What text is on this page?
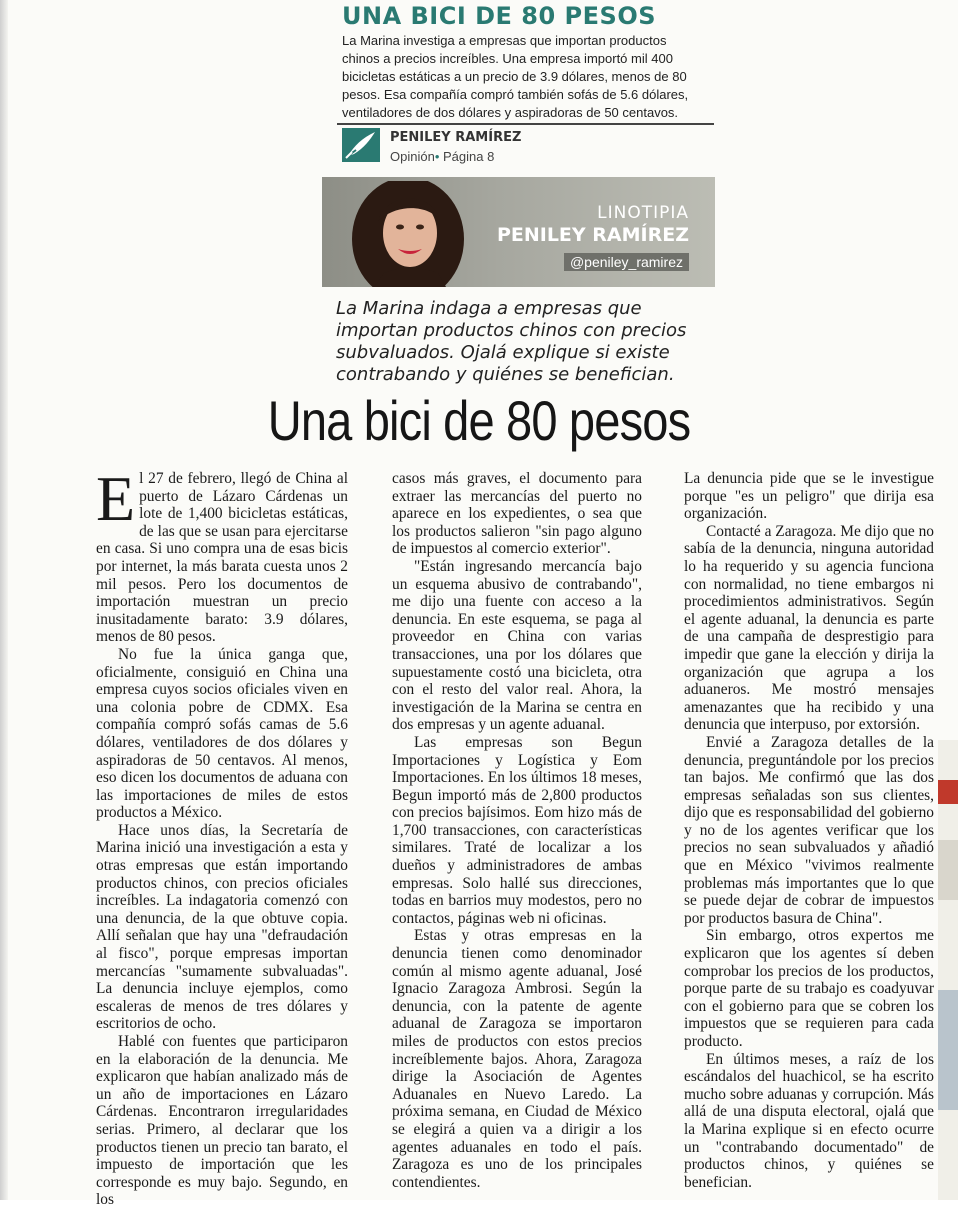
UNA BICI DE 80 PESOS
La Marina investiga a empresas que importan productos chinos a precios increíbles. Una empresa importó mil 400 bicicletas estáticas a un precio de 3.9 dólares, menos de 80 pesos. Esa compañía compró también sofás de 5.6 dólares, ventiladores de dos dólares y aspiradoras de 50 centavos.
PENILEY RAMÍREZ
Opinión• Página 8
LINOTIPIA
PENILEY RAMÍREZ
@peniley_ramirez
La Marina indaga a empresas que importan productos chinos con precios subvaluados. Ojalá explique si existe contrabando y quiénes se benefician.
Una bici de 80 pesos

El 27 de febrero, llegó de China al puerto de Lázaro Cárdenas un lote de 1,400 bicicletas estáticas, de las que se usan para ejercitarse en casa. Si uno compra una de esas bicis por internet, la más barata cuesta unos 2 mil pesos. Pero los documentos de importación muestran un precio inusitadamente barato: 3.9 dólares, menos de 80 pesos.

No fue la única ganga que, oficialmente, consiguió en China una empresa cuyos socios oficiales viven en una colonia pobre de CDMX. Esa compañía compró sofás camas de 5.6 dólares, ventiladores de dos dólares y aspiradoras de 50 centavos. Al menos, eso dicen los documentos de aduana con las importaciones de miles de estos productos a México.

Hace unos días, la Secretaría de Marina inició una investigación a esta y otras empresas que están importando productos chinos, con precios oficiales increíbles. La indagatoria comenzó con una denuncia, de la que obtuve copia. Allí señalan que hay una "defraudación al fisco", porque empresas importan mercancías "sumamente subvaluadas". La denuncia incluye ejemplos, como escaleras de menos de tres dólares y escritorios de ocho.

Hablé con fuentes que participaron en la elaboración de la denuncia. Me explicaron que habían analizado más de un año de importaciones en Lázaro Cárdenas. Encontraron irregularidades serias. Primero, al declarar que los productos tienen un precio tan barato, el impuesto de importación que les corresponde es muy bajo. Segundo, en los

casos más graves, el documento para extraer las mercancías del puerto no aparece en los expedientes, o sea que los productos salieron "sin pago alguno de impuestos al comercio exterior".

"Están ingresando mercancía bajo un esquema abusivo de contrabando", me dijo una fuente con acceso a la denuncia. En este esquema, se paga al proveedor en China con varias transacciones, una por los dólares que supuestamente costó una bicicleta, otra con el resto del valor real. Ahora, la investigación de la Marina se centra en dos empresas y un agente aduanal.

Las empresas son Begun Importaciones y Logística y Eom Importaciones. En los últimos 18 meses, Begun importó más de 2,800 productos con precios bajísimos. Eom hizo más de 1,700 transacciones, con características similares. Traté de localizar a los dueños y administradores de ambas empresas. Solo hallé sus direcciones, todas en barrios muy modestos, pero no contactos, páginas web ni oficinas.

Estas y otras empresas en la denuncia tienen como denominador común al mismo agente aduanal, José Ignacio Zaragoza Ambrosi. Según la denuncia, con la patente de agente aduanal de Zaragoza se importaron miles de productos con estos precios increíblemente bajos. Ahora, Zaragoza dirige la Asociación de Agentes Aduanales en Nuevo Laredo. La próxima semana, en Ciudad de México se elegirá a quien va a dirigir a los agentes aduanales en todo el país. Zaragoza es uno de los principales contendientes.

La denuncia pide que se le investigue porque "es un peligro" que dirija esa organización.

Contacté a Zaragoza. Me dijo que no sabía de la denuncia, ninguna autoridad lo ha requerido y su agencia funciona con normalidad, no tiene embargos ni procedimientos administrativos. Según el agente aduanal, la denuncia es parte de una campaña de desprestigio para impedir que gane la elección y dirija la organización que agrupa a los aduaneros. Me mostró mensajes amenazantes que ha recibido y una denuncia que interpuso, por extorsión.

Envié a Zaragoza detalles de la denuncia, preguntándole por los precios tan bajos. Me confirmó que las dos empresas señaladas son sus clientes, dijo que es responsabilidad del gobierno y no de los agentes verificar que los precios no sean subvaluados y añadió que en México "vivimos realmente problemas más importantes que lo que se puede dejar de cobrar de impuestos por productos basura de China".

Sin embargo, otros expertos me explicaron que los agentes sí deben comprobar los precios de los productos, porque parte de su trabajo es coadyuvar con el gobierno para que se cobren los impuestos que se requieren para cada producto.

En últimos meses, a raíz de los escándalos del huachicol, se ha escrito mucho sobre aduanas y corrupción. Más allá de una disputa electoral, ojalá que la Marina explique si en efecto ocurre un "contrabando documentado" de productos chinos, y quiénes se benefician.
